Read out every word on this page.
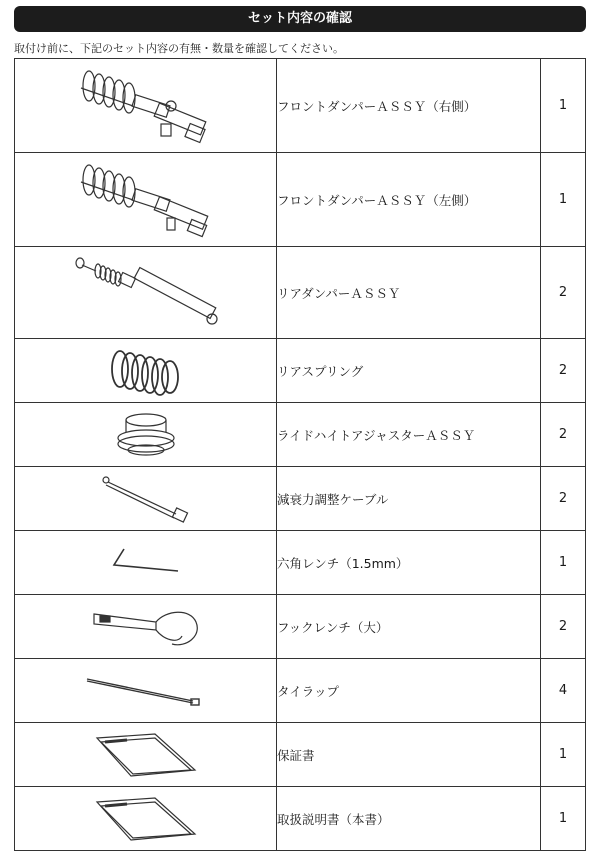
セット内容の確認
取付け前に、下記のセット内容の有無・数量を確認してください。
	フロントダンパーＡＳＳＹ（右側）	1

	フロントダンパーＡＳＳＹ（左側）	1

	リアダンパーＡＳＳＹ	2

	リアスプリング	2

	ライドハイトアジャスターＡＳＳＹ	2

	減衰力調整ケーブル	2

	六角レンチ（1.5mm）	1

	フックレンチ（大）	2

	タイラップ	4

	保証書	1

	取扱説明書（本書）	1
